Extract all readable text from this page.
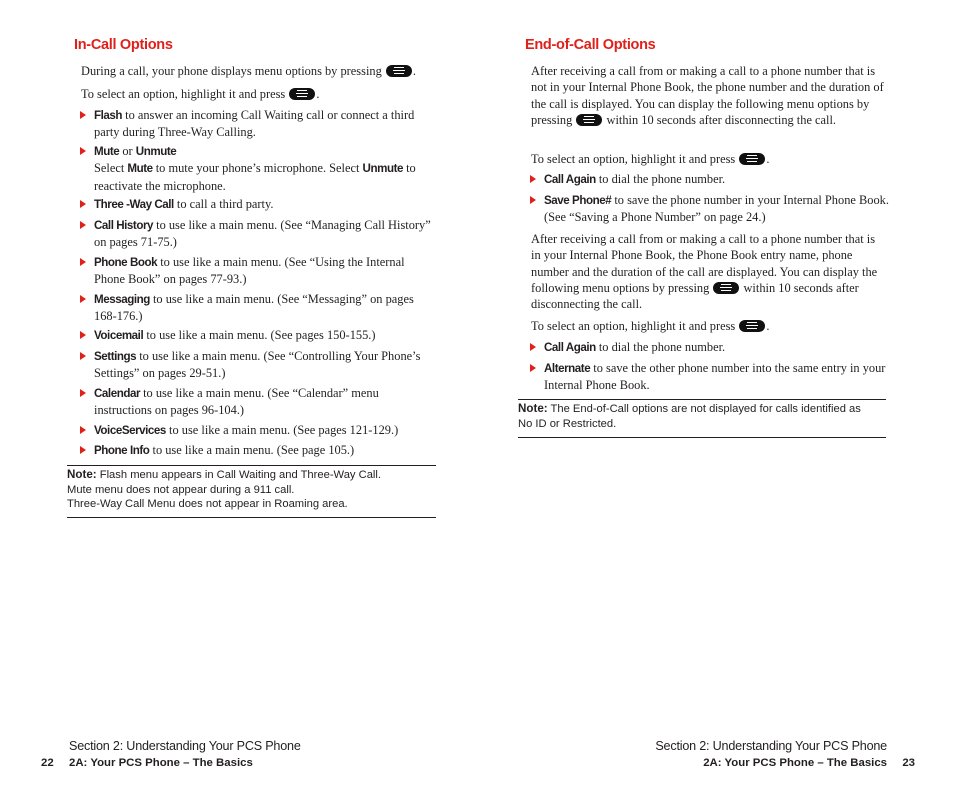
In-Call Options
During a call, your phone displays menu options by pressing	.
To select an option, highlight it and press	.
Flash to answer an incoming Call Waiting call or connect a third party during Three-Way Calling.
Mute or Unmute
Select Mute to mute your phone’s microphone. Select Unmute to reactivate the microphone.
Three -Way Call to call a third party.
Call History to use like a main menu. (See “Managing Call History” on pages 71-75.)
Phone Book to use like a main menu. (See “Using the Internal Phone Book” on pages 77-93.)
Messaging to use like a main menu. (See “Messaging” on pages 168-176.)
Voicemail to use like a main menu. (See pages 150-155.)
Settings to use like a main menu. (See “Controlling Your Phone’s Settings” on pages 29-51.)
Calendar to use like a main menu. (See “Calendar” menu instructions on pages 96-104.)
VoiceServices to use like a main menu. (See pages 121-129.)
Phone Info to use like a main menu. (See page 105.)
Note: Flash menu appears in Call Waiting and Three-Way Call.
Mute menu does not appear during a 911 call.
Three-Way Call Menu does not appear in Roaming area.
End-of-Call Options
After receiving a call from or making a call to a phone number that is not in your Internal Phone Book, the phone number and the duration of the call is displayed. You can display the following menu options by pressing	within 10 seconds after disconnecting the call.
To select an option, highlight it and press	.
Call Again to dial the phone number.
Save Phone# to save the phone number in your Internal Phone Book. (See “Saving a Phone Number” on page 24.)
After receiving a call from or making a call to a phone number that is in your Internal Phone Book, the Phone Book entry name, phone number and the duration of the call are displayed. You can display the following menu options by pressing	within 10 seconds after disconnecting the call.
To select an option, highlight it and press	.
Call Again to dial the phone number.
Alternate to save the other phone number into the same entry in your Internal Phone Book.
Note: The End-of-Call options are not displayed for calls identified as
No ID or Restricted.
Section 2: Understanding Your PCS Phone
22 2A: Your PCS Phone – The Basics
Section 2: Understanding Your PCS Phone
2A: Your PCS Phone – The Basics 23
